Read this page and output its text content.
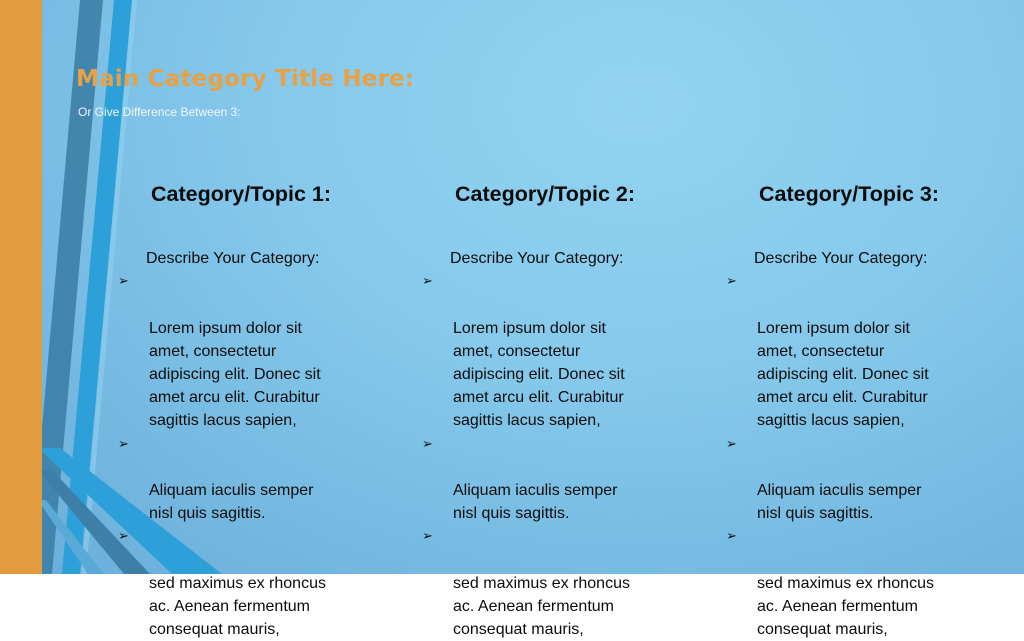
Main Category Title Here:
Or Give Difference Between 3:
Category/Topic 1:
Describe Your Category:

➢

Lorem ipsum dolor sit
amet, consectetur
adipiscing elit. Donec sit
amet arcu elit. Curabitur
sagittis lacus sapien,

➢

Aliquam iaculis semper
nisl quis sagittis.

➢

sed maximus ex rhoncus
ac. Aenean fermentum
consequat mauris,

Category/Topic 2:
Describe Your Category:

➢

Lorem ipsum dolor sit
amet, consectetur
adipiscing elit. Donec sit
amet arcu elit. Curabitur
sagittis lacus sapien,

➢

Aliquam iaculis semper
nisl quis sagittis.

➢

sed maximus ex rhoncus
ac. Aenean fermentum
consequat mauris,

Category/Topic 3:
Describe Your Category:

➢

Lorem ipsum dolor sit
amet, consectetur
adipiscing elit. Donec sit
amet arcu elit. Curabitur
sagittis lacus sapien,

➢

Aliquam iaculis semper
nisl quis sagittis.

➢

sed maximus ex rhoncus
ac. Aenean fermentum
consequat mauris,
